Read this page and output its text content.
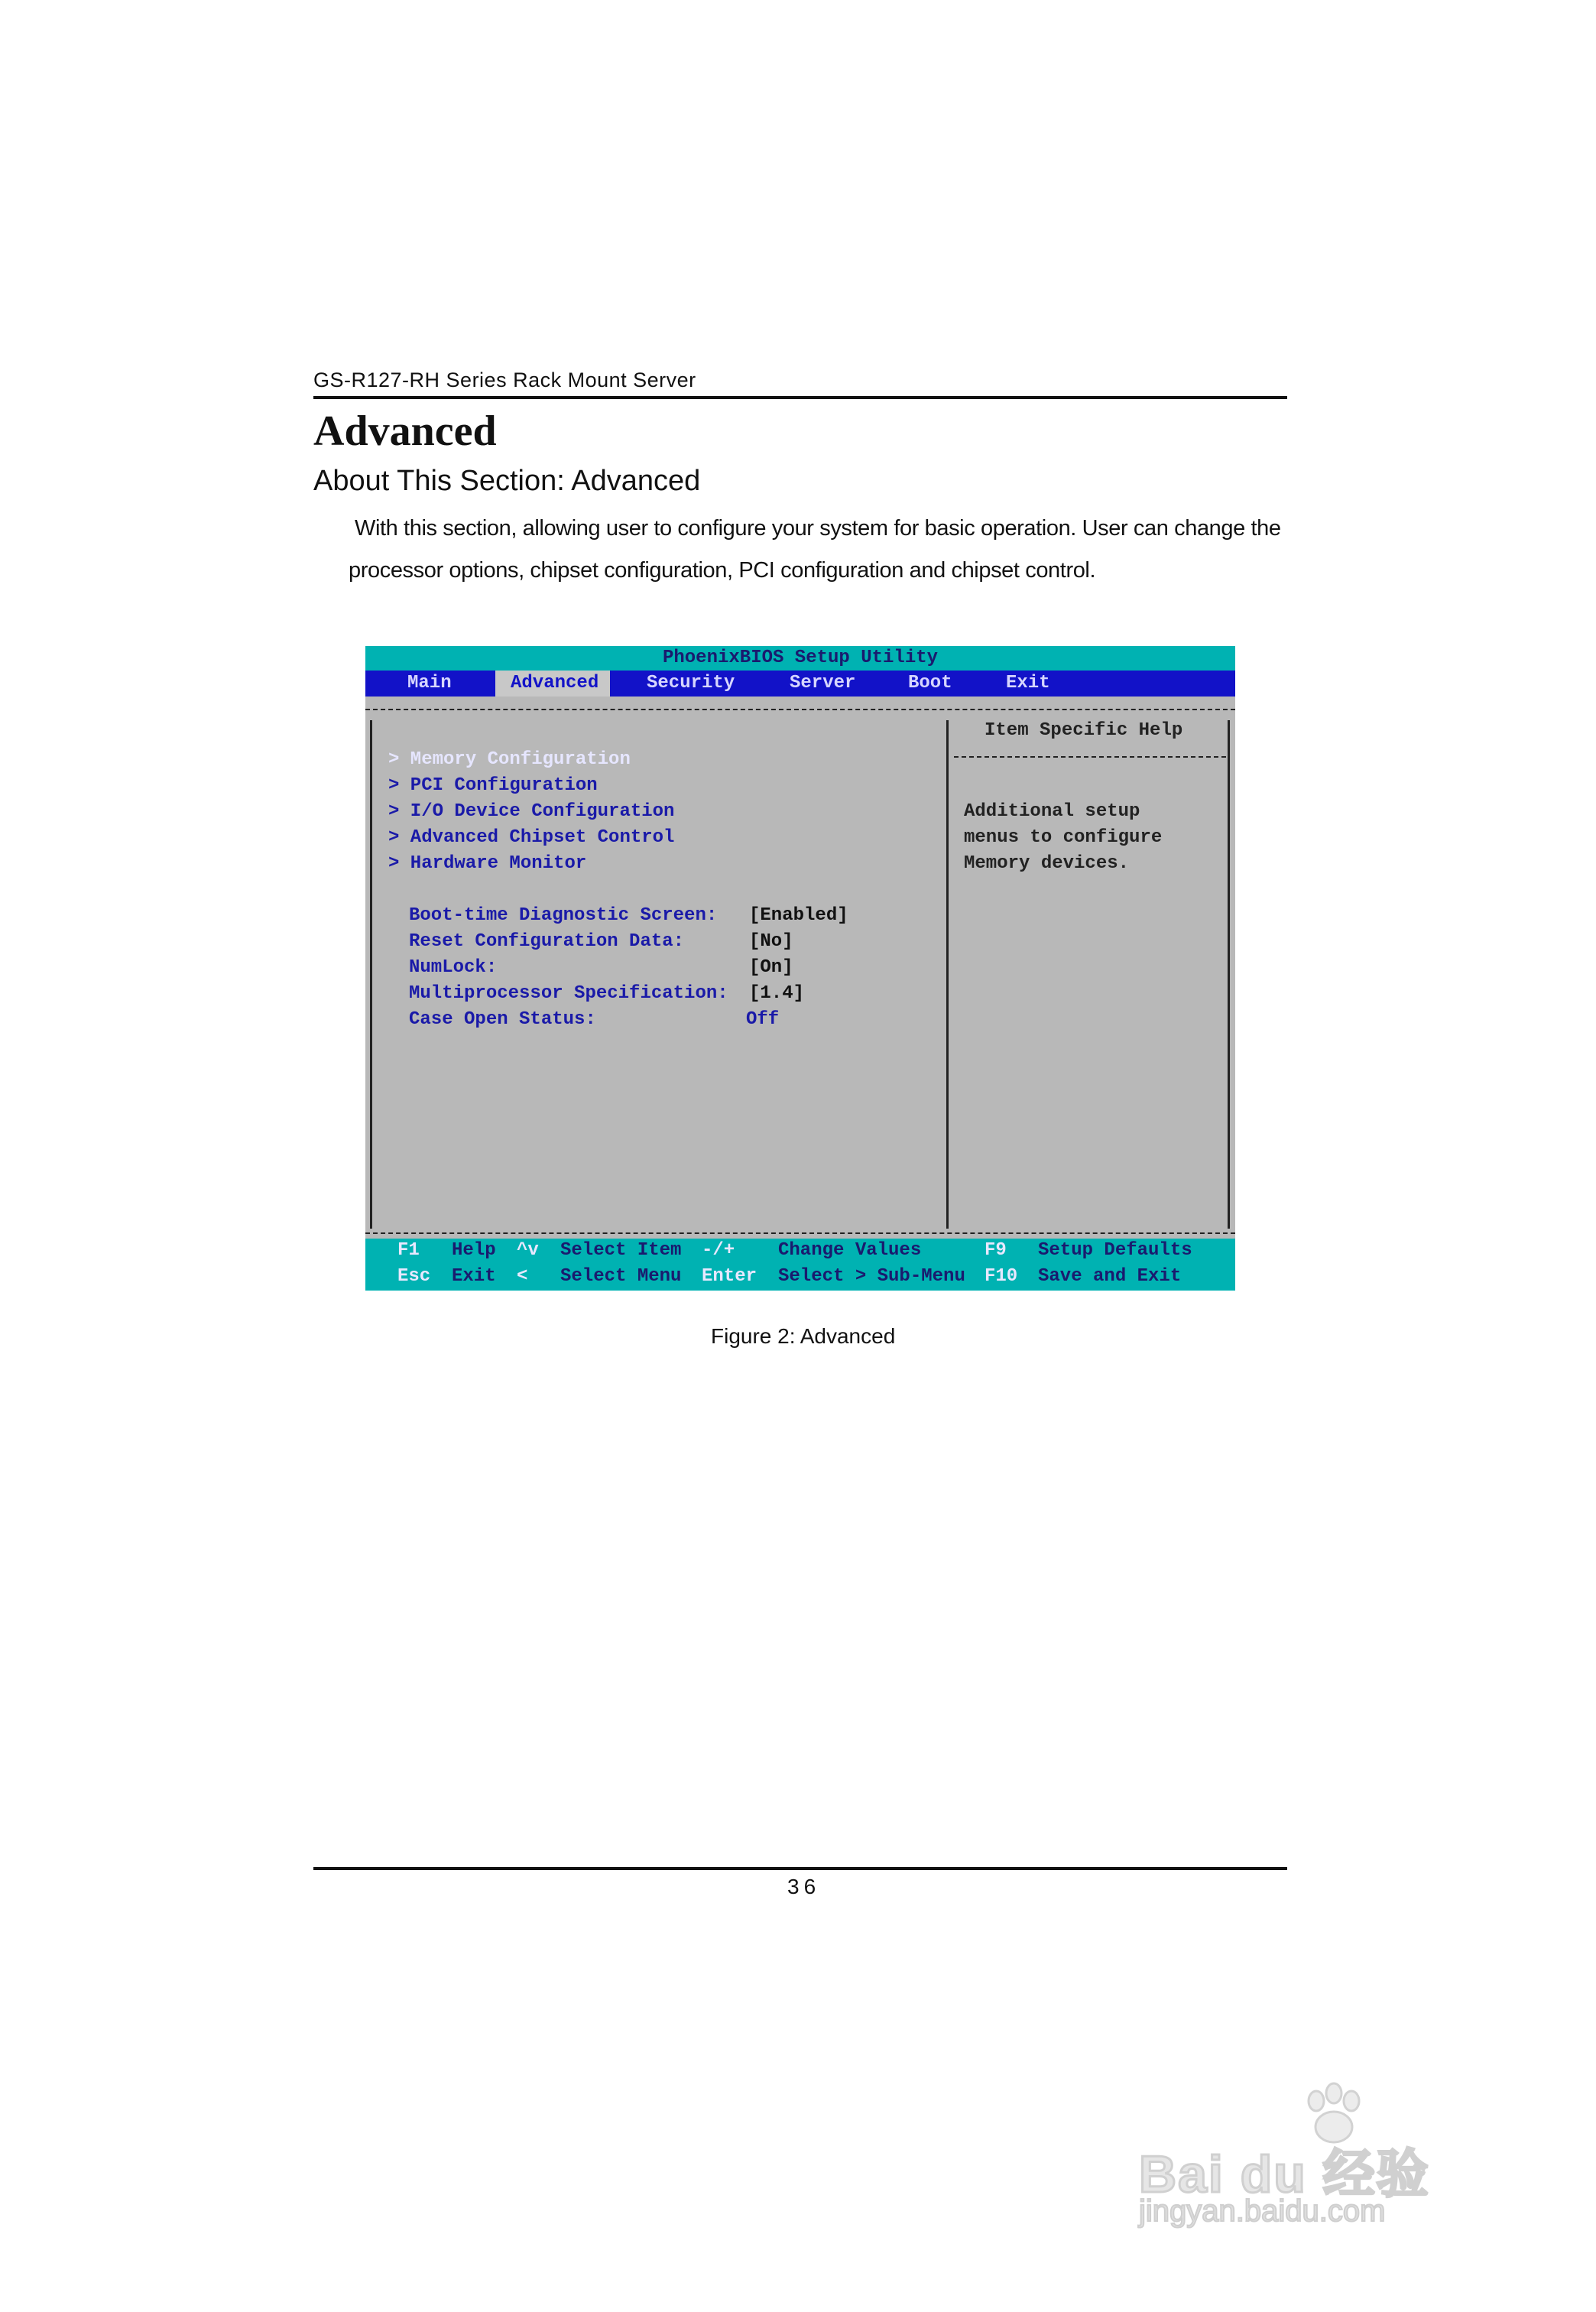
GS-R127-RH Series Rack Mount Server
Advanced
About This Section: Advanced
With this section, allowing user to configure your system for basic operation. User can change the processor options, chipset configuration, PCI configuration and chipset control.
PhoenixBIOS Setup Utility
Main	Advanced	Security	Server	Boot	Exit
Item Specific Help
Additional setup
menus to configure
Memory devices.
> Memory Configuration
> PCI Configuration
> I/O Device Configuration
> Advanced Chipset Control
> Hardware Monitor
Boot-time Diagnostic Screen: [Enabled]
Reset Configuration Data:	[No]
NumLock:	[On]
Multiprocessor Specification: [1.4]
Case Open Status:	Off
F1 Help ^v Select Item -/+ Change Values	F9 Setup Defaults
Esc Exit < Select Menu Enter Select > Sub-Menu F10 Save and Exit
Figure 2: Advanced
36
Bai du 经验
jingyan.baidu.com
